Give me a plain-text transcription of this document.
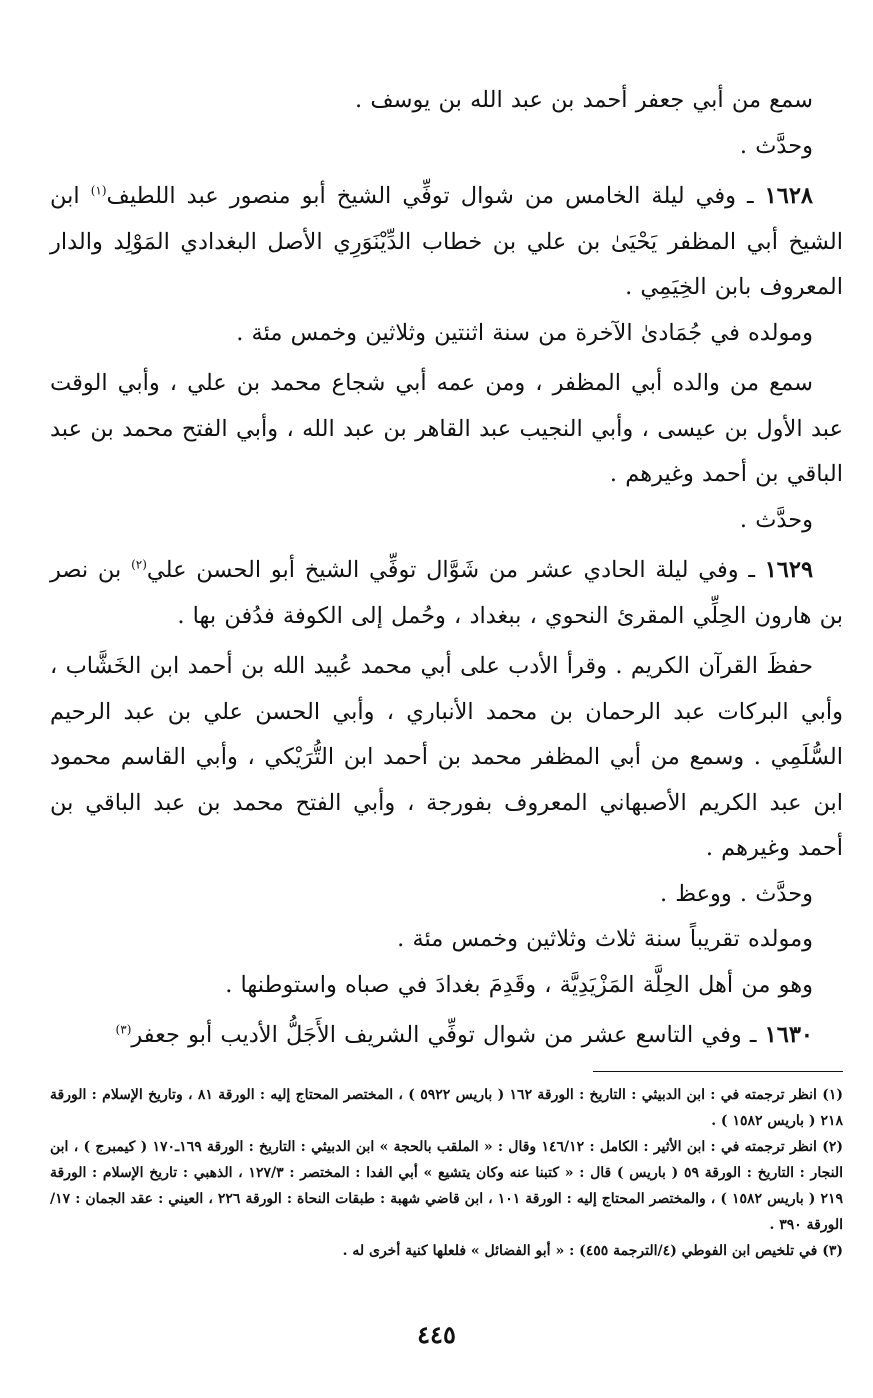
سمع من أبي جعفر أحمد بن عبد الله بن يوسف .

وحدَّث .

١٦٢٨ ـ وفي ليلة الخامس من شوال توفِّي الشيخ أبو منصور عبد اللطيف$^{(١)}$ ابن الشيخ أبي المظفر يَحْيَىٰ بن علي بن خطاب الدِّيْنَوَرِي الأصل البغدادي المَوْلِد والدار المعروف بابن الخِيَمِي .

ومولده في جُمَادىٰ الآخرة من سنة اثنتين وثلاثين وخمس مئة .

سمع من والده أبي المظفر ، ومن عمه أبي شجاع محمد بن علي ، وأبي الوقت عبد الأول بن عيسى ، وأبي النجيب عبد القاهر بن عبد الله ، وأبي الفتح محمد بن عبد الباقي بن أحمد وغيرهم .

وحدَّث .

١٦٢٩ ـ وفي ليلة الحادي عشر من شَوَّال توفِّي الشيخ أبو الحسن علي$^{(٢)}$ بن نصر بن هارون الحِلِّي المقرئ النحوي ، ببغداد ، وحُمل إلى الكوفة فدُفن بها .

حفظَ القرآن الكريم . وقرأ الأدب على أبي محمد عُبيد الله بن أحمد ابن الخَشَّاب ، وأبي البركات عبد الرحمان بن محمد الأنباري ، وأبي الحسن علي بن عبد الرحيم السُّلَمِي . وسمع من أبي المظفر محمد بن أحمد ابن التُّرَيْكي ، وأبي القاسم محمود ابن عبد الكريم الأصبهاني المعروف بفورجة ، وأبي الفتح محمد بن عبد الباقي بن أحمد وغيرهم .

وحدَّث . ووعظ .

ومولده تقريباً سنة ثلاث وثلاثين وخمس مئة .

وهو من أهل الحِلَّة المَزْيَدِيَّة ، وقَدِمَ بغدادَ في صباه واستوطنها .

١٦٣٠ ـ وفي التاسع عشر من شوال توفِّي الشريف الأَجَلُّ الأديب أبو جعفر$^{(٣)}$

(١) انظر ترجمته في : ابن الدبيثي : التاريخ : الورقة ١٦٢ ( باريس ٥٩٢٢ ) ، المختصر المحتاج إليه : الورقة ٨١ ، وتاريخ الإسلام : الورقة ٢١٨ ( باريس ١٥٨٢ ) .

(٢) انظر ترجمته في : ابن الأثير : الكامل : ١٤٦/١٢ وقال : « الملقب بالحجة » ابن الدبيثي : التاريخ : الورقة ١٦٩ـ١٧٠ ( كيمبرج ) ، ابن النجار : التاريخ : الورقة ٥٩ ( باريس ) قال : « كتبنا عنه وكان يتشيع » أبي الفدا : المختصر : ١٢٧/٣ ، الذهبي : تاريخ الإسلام : الورقة ٢١٩ ( باريس ١٥٨٢ ) ، والمختصر المحتاج إليه : الورقة ١٠١ ، ابن قاضي شهبة : طبقات النحاة : الورقة ٢٢٦ ، العيني : عقد الجمان : ١٧/الورقة ٣٩٠ .

(٣) في تلخيص ابن الفوطي (٤/الترجمة ٤٥٥) : « أبو الفضائل » فلعلها كنية أخرى له .

٤٤٥
